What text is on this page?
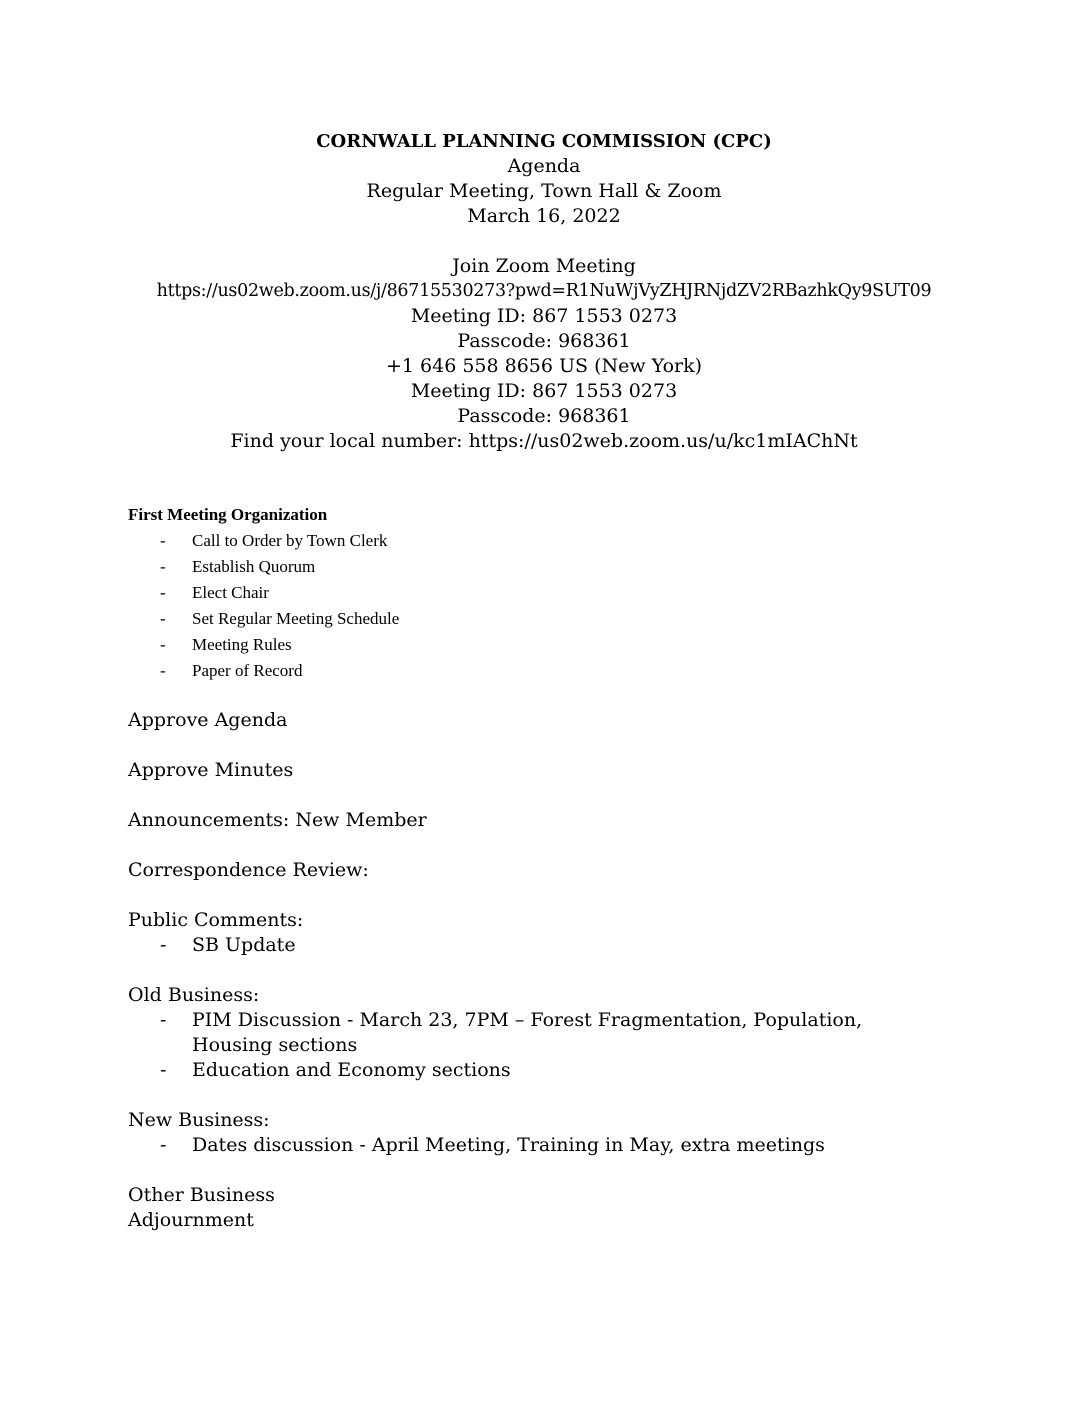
CORNWALL PLANNING COMMISSION (CPC)
Agenda
Regular Meeting, Town Hall & Zoom
March 16, 2022
Join Zoom Meeting
https://us02web.zoom.us/j/86715530273?pwd=R1NuWjVyZHJRNjdZV2RBazhkQy9SUT09
Meeting ID: 867 1553 0273
Passcode: 968361
+1 646 558 8656 US (New York)
Meeting ID: 867 1553 0273
Passcode: 968361
Find your local number: https://us02web.zoom.us/u/kc1mIAChNt
First Meeting Organization
- Call to Order by Town Clerk
- Establish Quorum
- Elect Chair
- Set Regular Meeting Schedule
- Meeting Rules
- Paper of Record
Approve Agenda
Approve Minutes
Announcements: New Member
Correspondence Review:
Public Comments:
- SB Update
Old Business:
- PIM Discussion - March 23, 7PM – Forest Fragmentation, Population, Housing sections
- Education and Economy sections
New Business:
- Dates discussion - April Meeting, Training in May, extra meetings
Other Business
Adjournment
